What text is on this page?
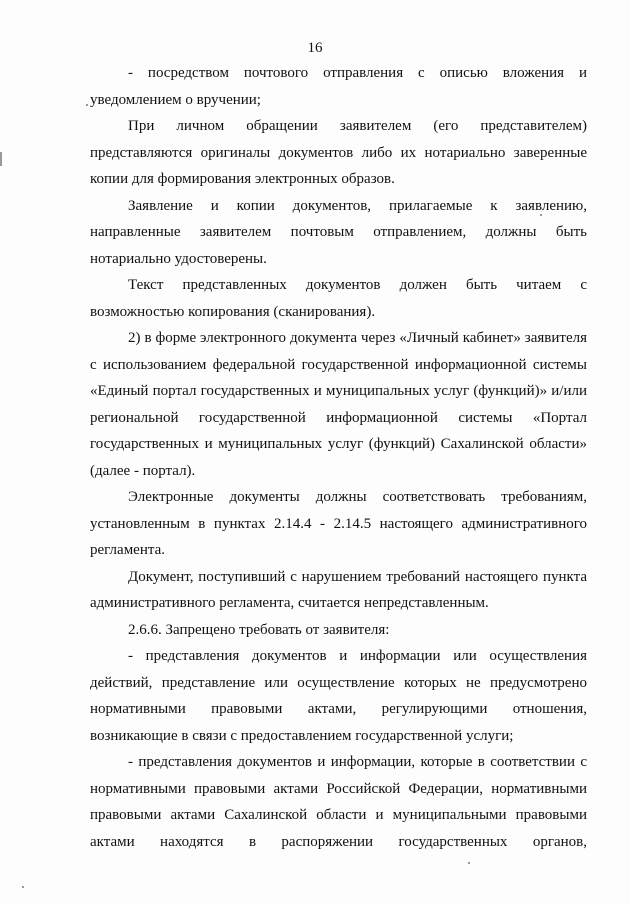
16

- посредством почтового отправления с описью вложения и уведомлением о вручении;

При личном обращении заявителем (его представителем) представляются оригиналы документов либо их нотариально заверенные копии для формирования электронных образов.

Заявление и копии документов, прилагаемые к заявлению, направленные заявителем почтовым отправлением, должны быть нотариально удостоверены.

Текст представленных документов должен быть читаем с возможностью копирования (сканирования).

2) в форме электронного документа через «Личный кабинет» заявителя с использованием федеральной государственной информационной системы «Единый портал государственных и муниципальных услуг (функций)» и/или региональной государственной информационной системы «Портал государственных и муниципальных услуг (функций) Сахалинской области» (далее - портал).

Электронные документы должны соответствовать требованиям, установленным в пунктах 2.14.4 - 2.14.5 настоящего административного регламента.

Документ, поступивший с нарушением требований настоящего пункта административного регламента, считается непредставленным.

2.6.6. Запрещено требовать от заявителя:

- представления документов и информации или осуществления действий, представление или осуществление которых не предусмотрено нормативными правовыми актами, регулирующими отношения, возникающие в связи с предоставлением государственной услуги;

- представления документов и информации, которые в соответствии с нормативными правовыми актами Российской Федерации, нормативными правовыми актами Сахалинской области и муниципальными правовыми актами находятся в распоряжении государственных органов,
